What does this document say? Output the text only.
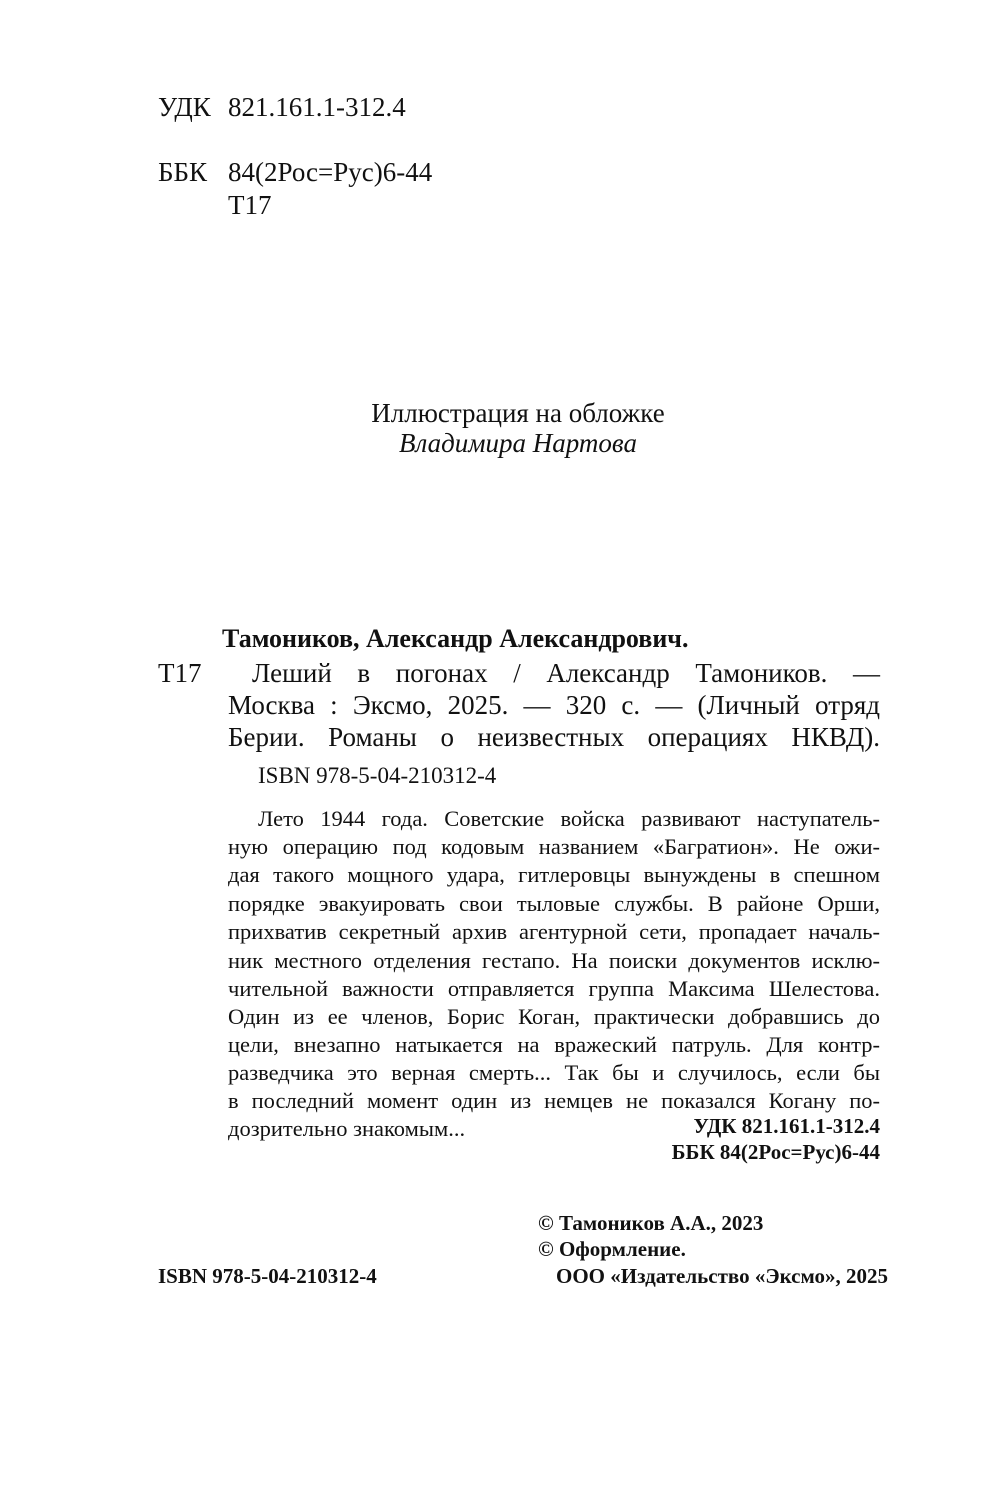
УДК 821.161.1-312.4
ББК 84(2Рос=Рус)6-44
Т17
Иллюстрация на обложке
Владимира Нартова
Тамоников, Александр Александрович.
Т17 Леший в погонах / Александр Тамоников. —
Москва : Эксмо, 2025. — 320 с. — (Личный отряд
Берии. Романы о неизвестных операциях НКВД).
ISBN 978-5-04-210312-4
Лето 1944 года. Советские войска развивают наступатель-
ную операцию под кодовым названием «Багратион». Не ожи-
дая такого мощного удара, гитлеровцы вынуждены в спешном
порядке эвакуировать свои тыловые службы. В районе Орши,
прихватив секретный архив агентурной сети, пропадает началь-
ник местного отделения гестапо. На поиски документов исклю-
чительной важности отправляется группа Максима Шелестова.
Один из ее членов, Борис Коган, практически добравшись до
цели, внезапно натыкается на вражеский патруль. Для контр-
разведчика это верная смерть... Так бы и случилось, если бы
в последний момент один из немцев не показался Когану по-
дозрительно знакомым...	УДК 821.161.1-312.4
ББК 84(2Рос=Рус)6-44
© Тамоников А.А., 2023
© Оформление.
ООО «Издательство «Эксмо», 2025
ISBN 978-5-04-210312-4
